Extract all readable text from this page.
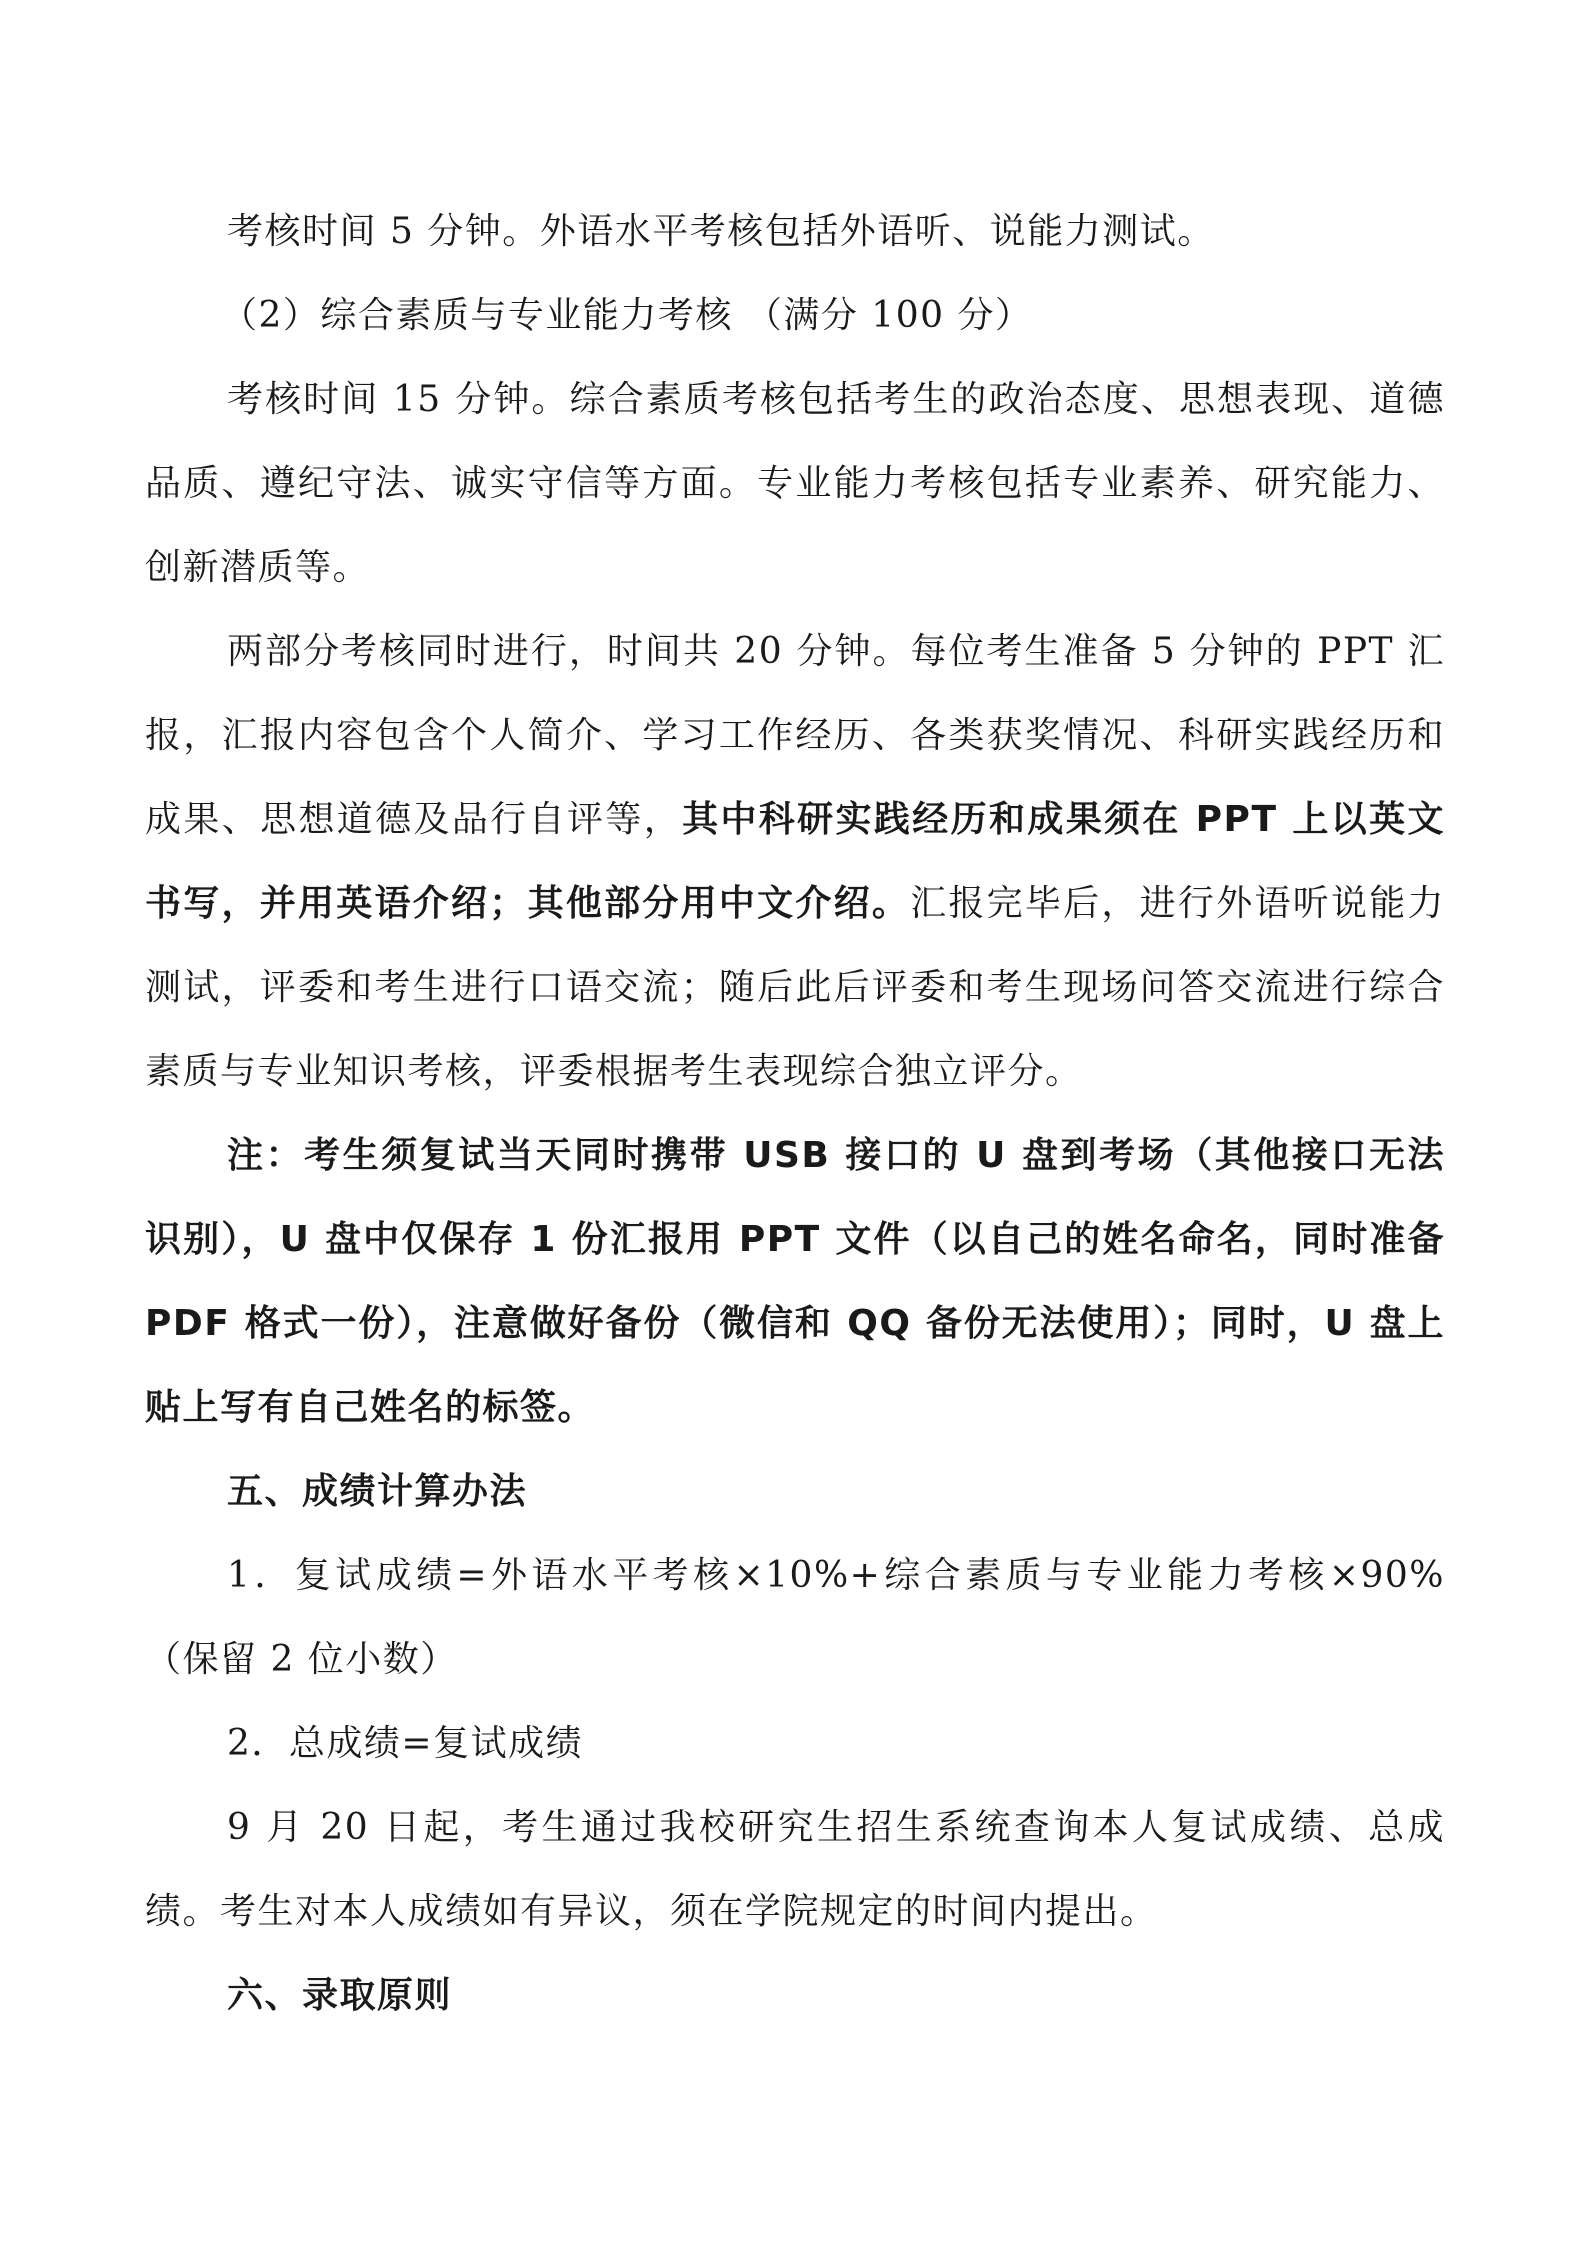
考核时间 5 分钟。外语水平考核包括外语听、说能力测试。

（2）综合素质与专业能力考核 （满分 100 分）

考核时间 15 分钟。综合素质考核包括考生的政治态度、思想表现、道德品质、遵纪守法、诚实守信等方面。专业能力考核包括专业素养、研究能力、创新潜质等。

两部分考核同时进行，时间共 20 分钟。每位考生准备 5 分钟的 PPT 汇报，汇报内容包含个人简介、学习工作经历、各类获奖情况、科研实践经历和成果、思想道德及品行自评等，其中科研实践经历和成果须在 PPT 上以英文书写，并用英语介绍；其他部分用中文介绍。汇报完毕后，进行外语听说能力测试，评委和考生进行口语交流；随后此后评委和考生现场问答交流进行综合素质与专业知识考核，评委根据考生表现综合独立评分。

注：考生须复试当天同时携带 USB 接口的 U 盘到考场（其他接口无法识别），U 盘中仅保存 1 份汇报用 PPT 文件（以自己的姓名命名，同时准备 PDF 格式一份），注意做好备份（微信和 QQ 备份无法使用）；同时，U 盘上贴上写有自己姓名的标签。

五、成绩计算办法

1．复试成绩=外语水平考核×10%+综合素质与专业能力考核×90%（保留 2 位小数）

2．总成绩=复试成绩

9 月 20 日起，考生通过我校研究生招生系统查询本人复试成绩、总成绩。考生对本人成绩如有异议，须在学院规定的时间内提出。

六、录取原则
